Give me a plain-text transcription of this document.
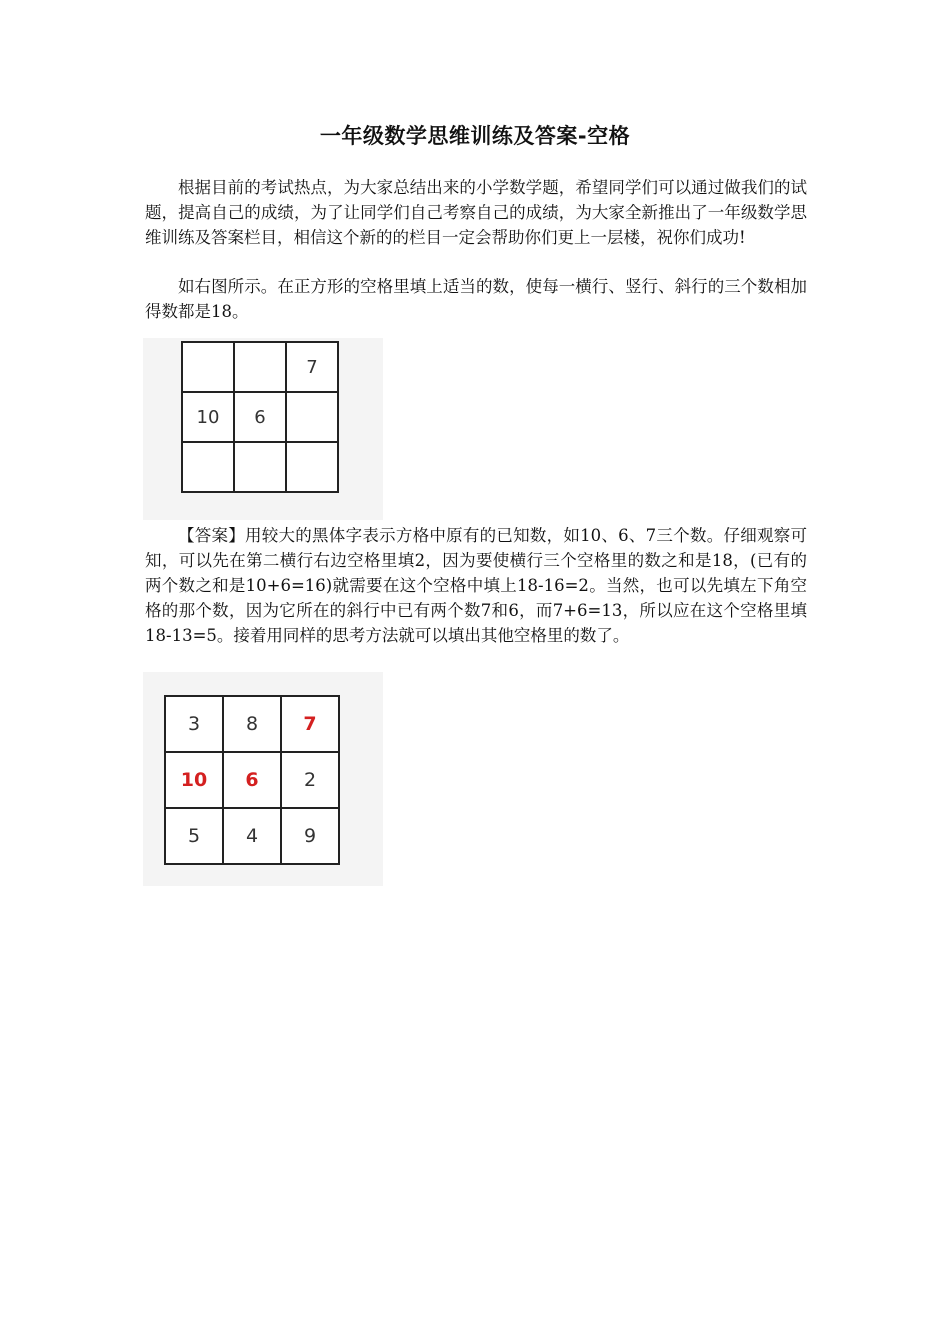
一年级数学思维训练及答案-空格

根据目前的考试热点，为大家总结出来的小学数学题，希望同学们可以通过做我们的试题，提高自己的成绩，为了让同学们自己考察自己的成绩，为大家全新推出了一年级数学思维训练及答案栏目，相信这个新的的栏目一定会帮助你们更上一层楼，祝你们成功!

如右图所示。在正方形的空格里填上适当的数，使每一横行、竖行、斜行的三个数相加得数都是18。

		7
10	6	

【答案】用较大的黑体字表示方格中原有的已知数，如10、6、7三个数。仔细观察可知，可以先在第二横行右边空格里填2，因为要使横行三个空格里的数之和是18，(已有的两个数之和是10+6=16)就需要在这个空格中填上18-16=2。当然，也可以先填左下角空格的那个数，因为它所在的斜行中已有两个数7和6，而7+6=13，所以应在这个空格里填18-13=5。接着用同样的思考方法就可以填出其他空格里的数了。

3	8	7
10	6	2
5	4	9
